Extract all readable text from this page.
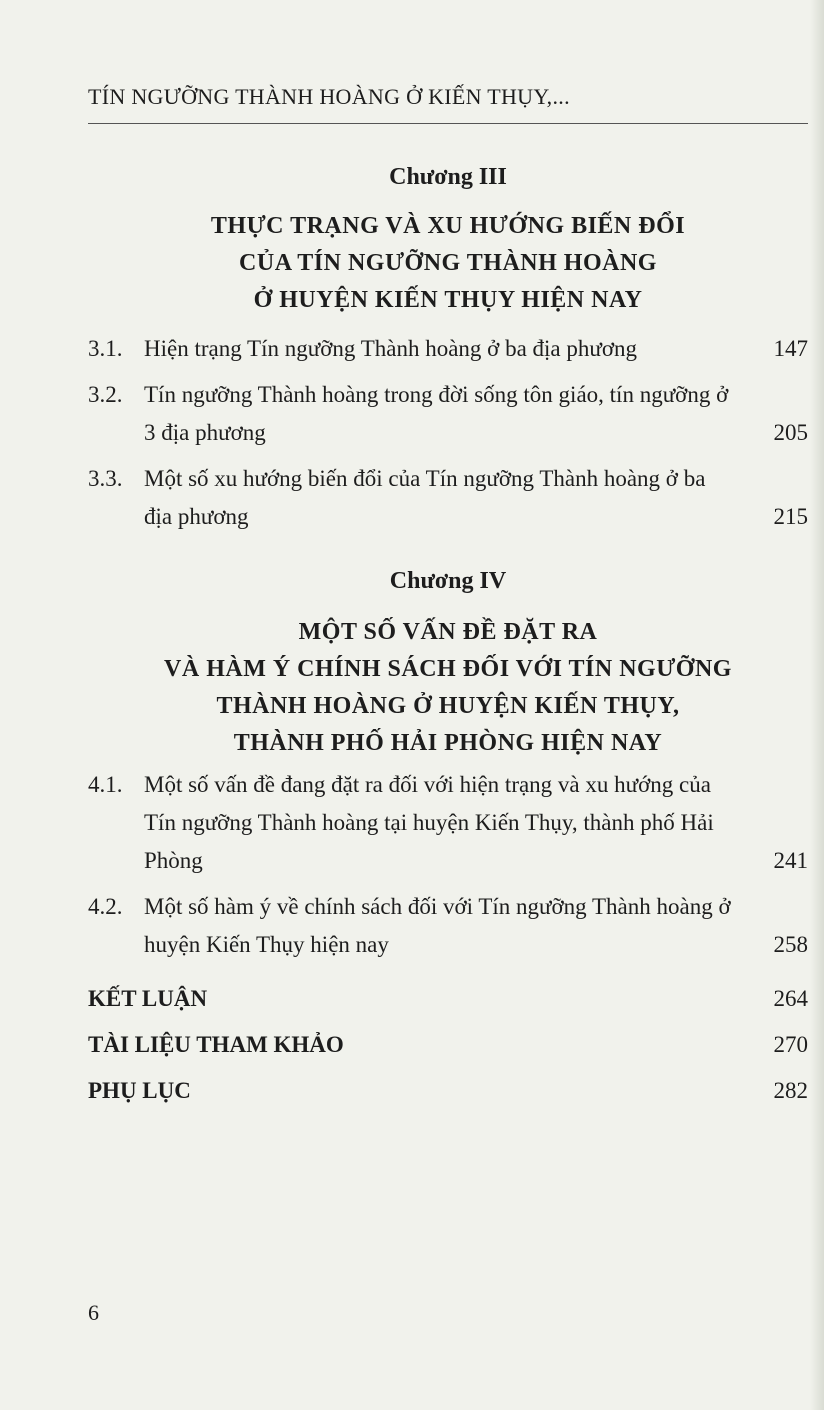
TÍN NGƯỠNG THÀNH HOÀNG Ở KIẾN THỤY,...
Chương III
THỰC TRẠNG VÀ XU HƯỚNG BIẾN ĐỔI
CỦA TÍN NGƯỠNG THÀNH HOÀNG
Ở HUYỆN KIẾN THỤY HIỆN NAY
3.1. Hiện trạng Tín ngưỡng Thành hoàng ở ba địa phương	147
3.2. Tín ngưỡng Thành hoàng trong đời sống tôn giáo, tín ngưỡng ở 3 địa phương	205
3.3. Một số xu hướng biến đổi của Tín ngưỡng Thành hoàng ở ba địa phương	215
Chương IV
MỘT SỐ VẤN ĐỀ ĐẶT RA
VÀ HÀM Ý CHÍNH SÁCH ĐỐI VỚI TÍN NGƯỠNG
THÀNH HOÀNG Ở HUYỆN KIẾN THỤY,
THÀNH PHỐ HẢI PHÒNG HIỆN NAY
4.1. Một số vấn đề đang đặt ra đối với hiện trạng và xu hướng của Tín ngưỡng Thành hoàng tại huyện Kiến Thụy, thành phố Hải Phòng	241
4.2. Một số hàm ý về chính sách đối với Tín ngưỡng Thành hoàng ở huyện Kiến Thụy hiện nay	258
KẾT LUẬN	264
TÀI LIỆU THAM KHẢO	270
PHỤ LỤC	282
6
